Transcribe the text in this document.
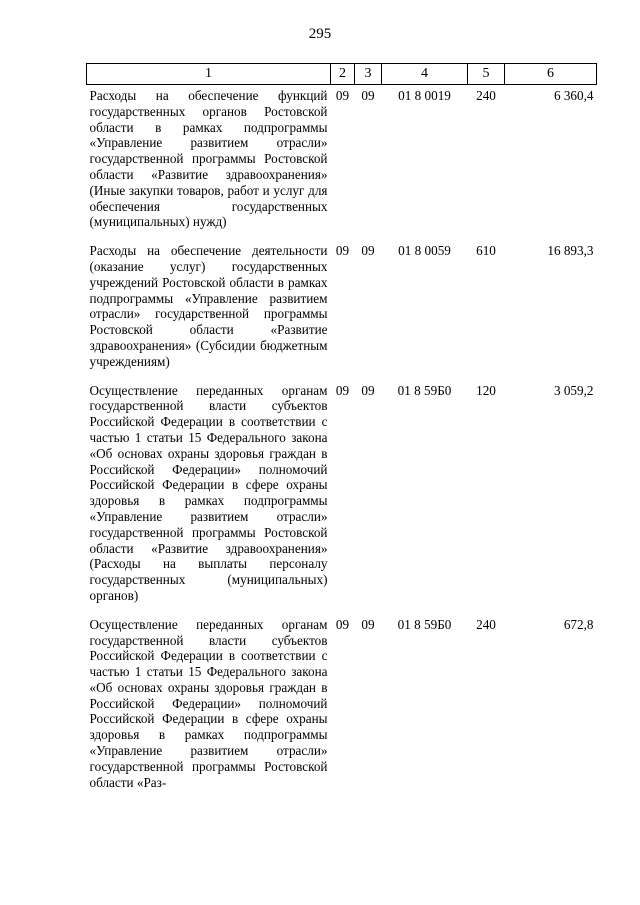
295
1	2	3	4	5	6
Расходы на обеспечение функций государственных органов Ростовской области в рамках подпрограммы «Управление развитием отрасли» государственной программы Ростовской области «Развитие здравоохранения» (Иные закупки товаров, работ и услуг для обеспечения государственных (муниципальных) нужд)	09	09	01 8 0019	240	6 360,4
Расходы на обеспечение деятельности (оказание услуг) государственных учреждений Ростовской области в рамках подпрограммы «Управление развитием отрасли» государственной программы Ростовской области «Развитие здравоохранения» (Субсидии бюджетным учреждениям)	09	09	01 8 0059	610	16 893,3
Осуществление переданных органам государственной власти субъектов Российской Федерации в соответствии с частью 1 статьи 15 Федерального закона «Об основах охраны здоровья граждан в Российской Федерации» полномочий Российской Федерации в сфере охраны здоровья в рамках подпрограммы «Управление развитием отрасли» государственной программы Ростовской области «Развитие здравоохранения» (Расходы на выплаты персоналу государственных (муниципальных) органов)	09	09	01 8 59Б0	120	3 059,2
Осуществление переданных органам государственной власти субъектов Российской Федерации в соответствии с частью 1 статьи 15 Федерального закона «Об основах охраны здоровья граждан в Российской Федерации» полномочий Российской Федерации в сфере охраны здоровья в рамках подпрограммы «Управление развитием отрасли» государственной программы Ростовской области «Раз-	09	09	01 8 59Б0	240	672,8
